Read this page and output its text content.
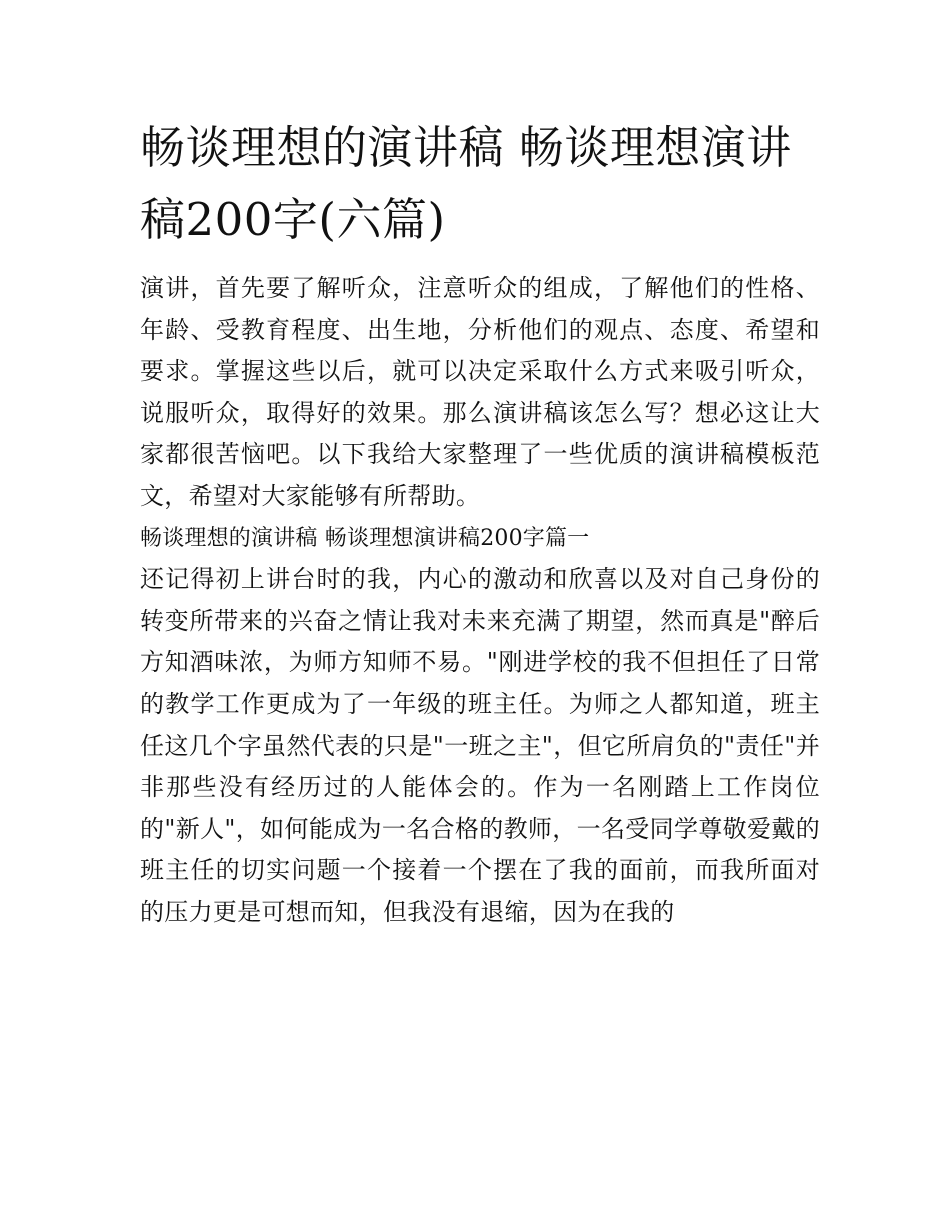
畅谈理想的演讲稿 畅谈理想演讲稿200字(六篇)

演讲，首先要了解听众，注意听众的组成，了解他们的性格、年龄、受教育程度、出生地，分析他们的观点、态度、希望和要求。掌握这些以后，就可以决定采取什么方式来吸引听众，说服听众，取得好的效果。那么演讲稿该怎么写？想必这让大家都很苦恼吧。以下我给大家整理了一些优质的演讲稿模板范文，希望对大家能够有所帮助。

畅谈理想的演讲稿 畅谈理想演讲稿200字篇一

还记得初上讲台时的我，内心的激动和欣喜以及对自己身份的转变所带来的兴奋之情让我对未来充满了期望，然而真是"醉后方知酒味浓，为师方知师不易。"刚进学校的我不但担任了日常的教学工作更成为了一年级的班主任。为师之人都知道，班主任这几个字虽然代表的只是"一班之主"，但它所肩负的"责任"并非那些没有经历过的人能体会的。作为一名刚踏上工作岗位的"新人"，如何能成为一名合格的教师，一名受同学尊敬爱戴的班主任的切实问题一个接着一个摆在了我的面前，而我所面对的压力更是可想而知，但我没有退缩，因为在我的
